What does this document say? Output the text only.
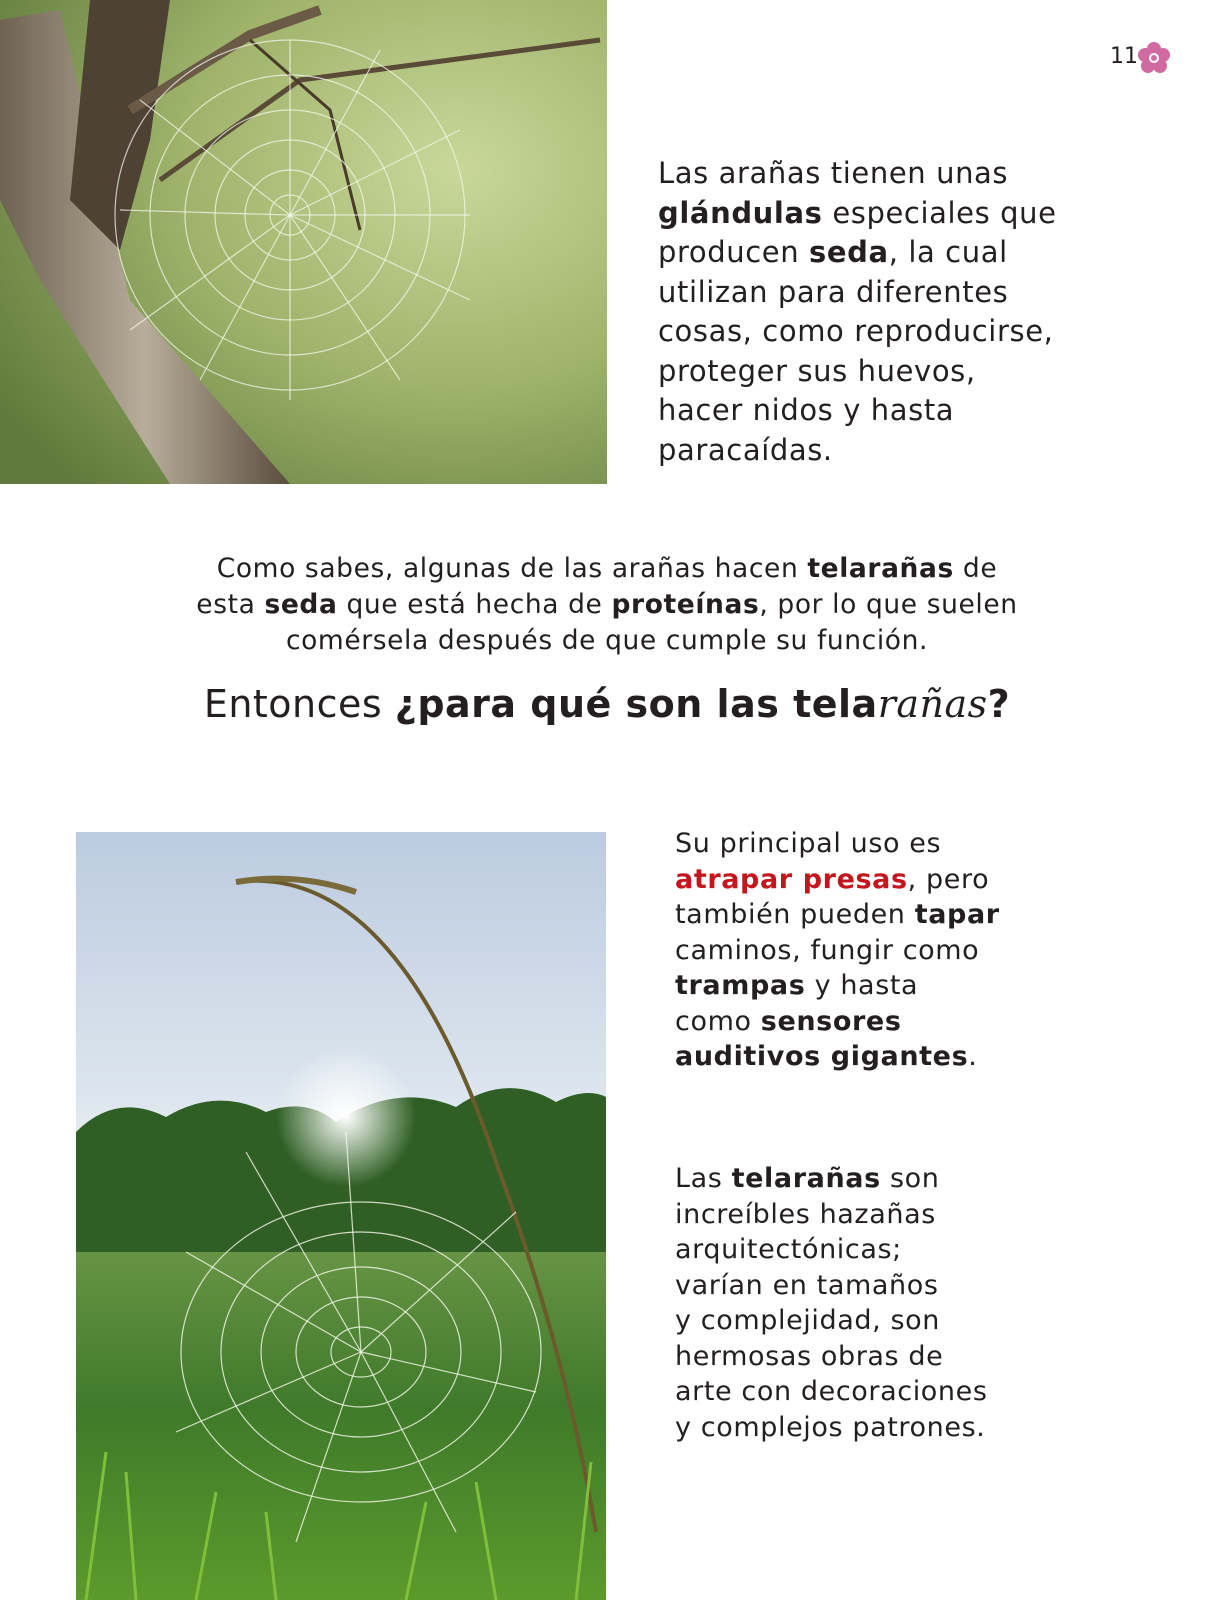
11
Las arañas tienen unas
glándulas especiales que
producen seda, la cual
utilizan para diferentes
cosas, como reproducirse,
proteger sus huevos,
hacer nidos y hasta
paracaídas.
Como sabes, algunas de las arañas hacen telarañas de
esta seda que está hecha de proteínas, por lo que suelen
comérsela después de que cumple su función.
Entonces ¿para qué son las telarañas?
Su principal uso es
atrapar presas, pero
también pueden tapar
caminos, fungir como
trampas y hasta
como sensores
auditivos gigantes.
Las telarañas son
increíbles hazañas
arquitectónicas;
varían en tamaños
y complejidad, son
hermosas obras de
arte con decoraciones
y complejos patrones.
